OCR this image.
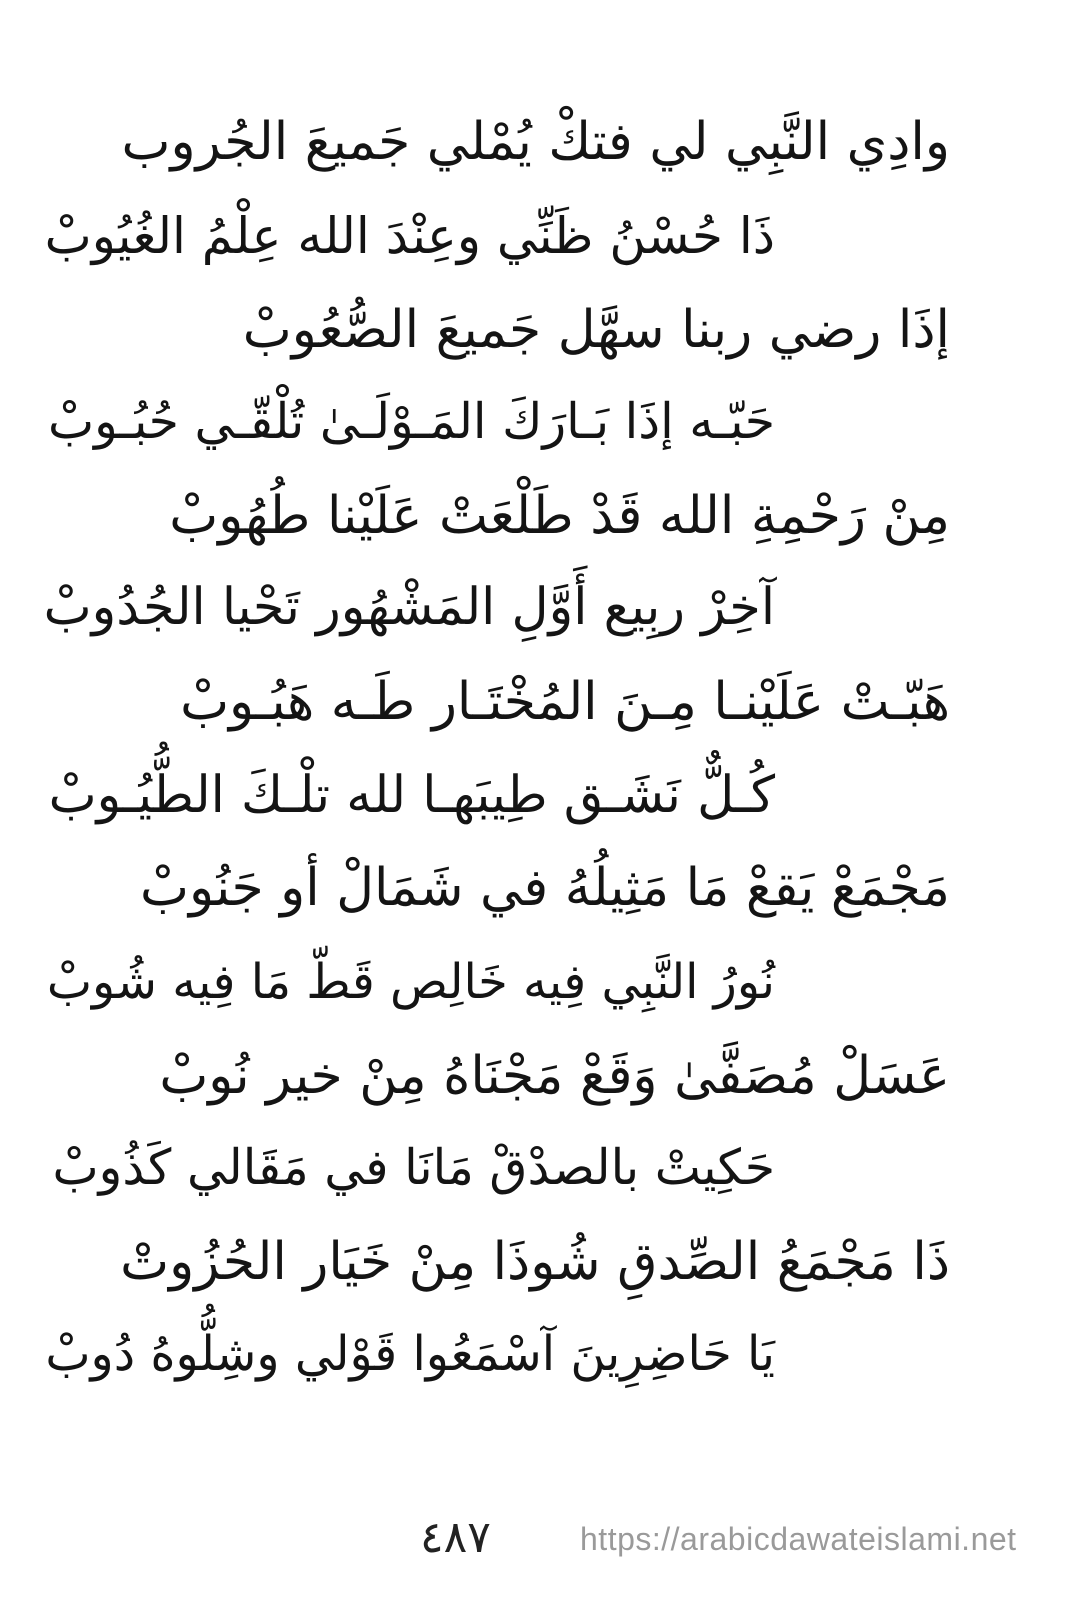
وادِي النَّبِي لي فتكْ يُمْلي جَميعَ الجُروب
ذَا حُسْنُ ظَنِّي وعِنْدَ الله عِلْمُ الغُيُوبْ
إذَا رضي ربنا سهَّل جَميعَ الصُّعُوبْ
حَبّـه إذَا بَـارَكَ المَـوْلَـىٰ تُلْقّـي حُبُـوبْ
مِنْ رَحْمِةِ الله قَدْ طَلْعَتْ عَلَيْنا طُهُوبْ
آخِرْ ربِيع أَوَّلِ المَشْهُور تَحْيا الجُدُوبْ
هَبّـتْ عَلَيْنـا مِـنَ المُخْتَـار طَـه هَبُـوبْ
كُـلٌّ نَشَـق طِيبَهـا لله تلْـكَ الطُّيُـوبْ
مَجْمَعْ يَقعْ مَا مَثِيلُهُ في شَمَالْ أو جَنُوبْ
نُورُ النَّبِي فِيه خَالِص قَطّ مَا فِيه شُوبْ
عَسَلْ مُصَفَّىٰ وَقَعْ مَجْنَاهُ مِنْ خير نُوبْ
حَكِيتْ بالصدْقْ مَانَا في مَقَالي كَذُوبْ
ذَا مَجْمَعُ الصِّدقِ شُوذَا مِنْ خَيَار الحُزُوتْ
يَا حَاضِرِينَ آسْمَعُوا قَوْلي وشِلُّوهُ دُوبْ
٤٨٧	https://arabicdawateislami.net
